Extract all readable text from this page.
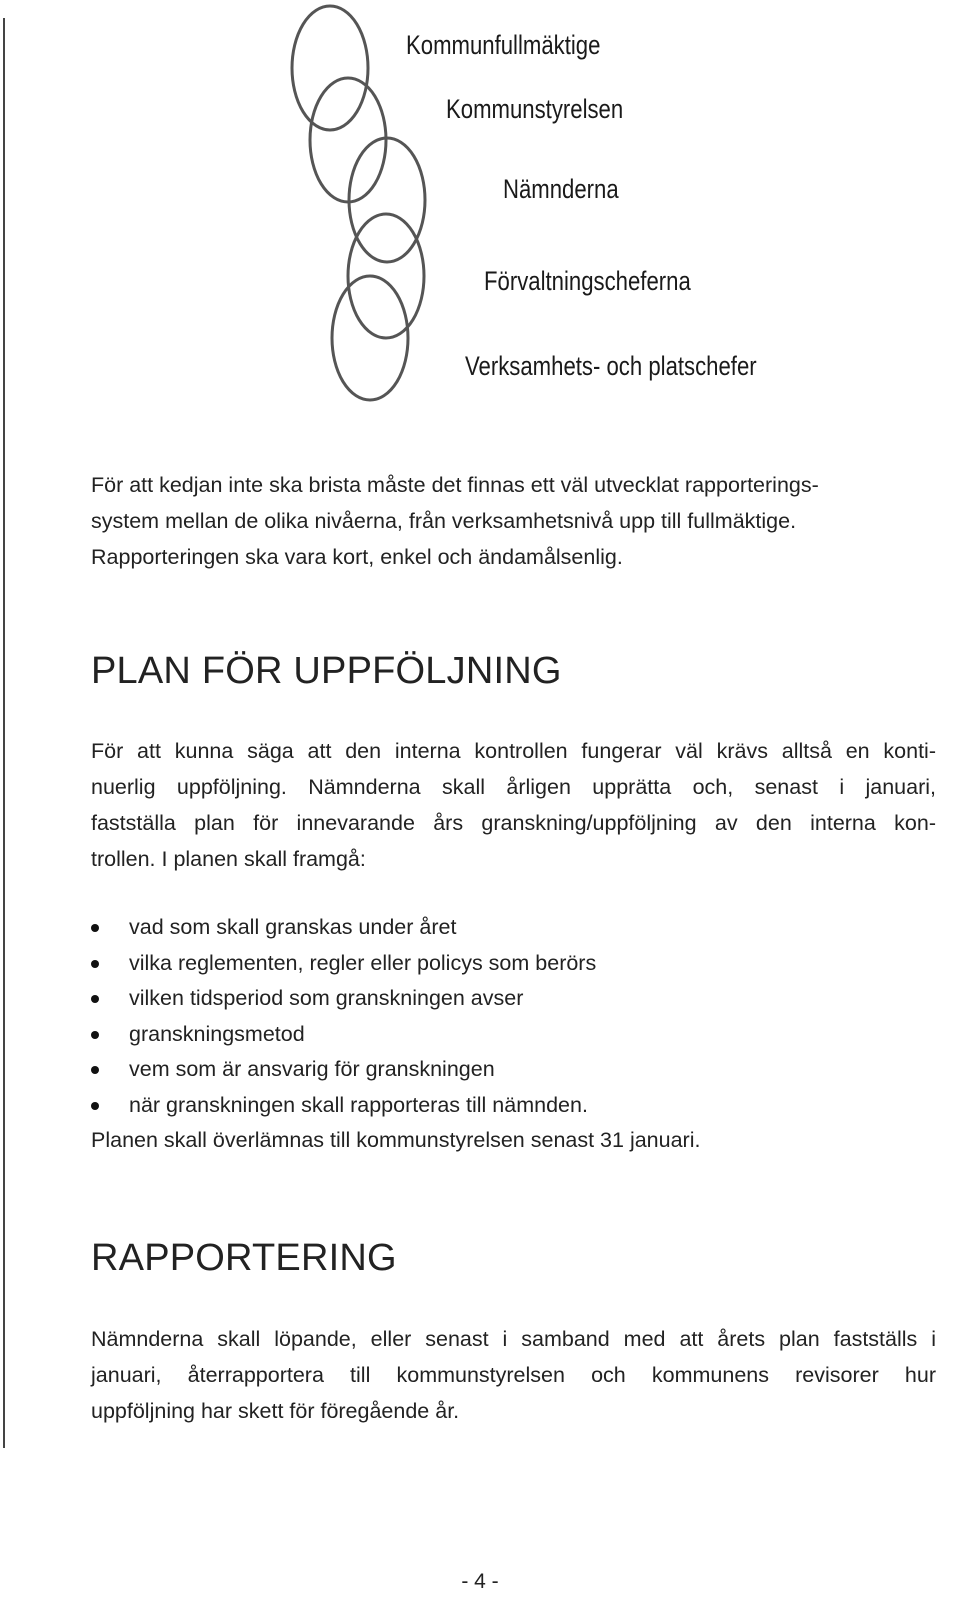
Kommunfullmäktige
Kommunstyrelsen
Nämnderna
Förvaltningscheferna
Verksamhets- och platschefer
För att kedjan inte ska brista måste det finnas ett väl utvecklat rapporterings-
system mellan de olika nivåerna, från verksamhetsnivå upp till fullmäktige.
Rapporteringen ska vara kort, enkel och ändamålsenlig.
PLAN FÖR UPPFÖLJNING
För att kunna säga att den interna kontrollen fungerar väl krävs alltså en konti-
nuerlig uppföljning. Nämnderna skall årligen upprätta och, senast i januari,
fastställa plan för innevarande års granskning/uppföljning av den interna kon-
trollen. I planen skall framgå:
vad som skall granskas under året
vilka reglementen, regler eller policys som berörs
vilken tidsperiod som granskningen avser
granskningsmetod
vem som är ansvarig för granskningen
när granskningen skall rapporteras till nämnden.
Planen skall överlämnas till kommunstyrelsen senast 31 januari.
RAPPORTERING
Nämnderna skall löpande, eller senast i samband med att årets plan fastställs i
januari, återrapportera till kommunstyrelsen och kommunens revisorer hur
uppföljning har skett för föregående år.
- 4 -
